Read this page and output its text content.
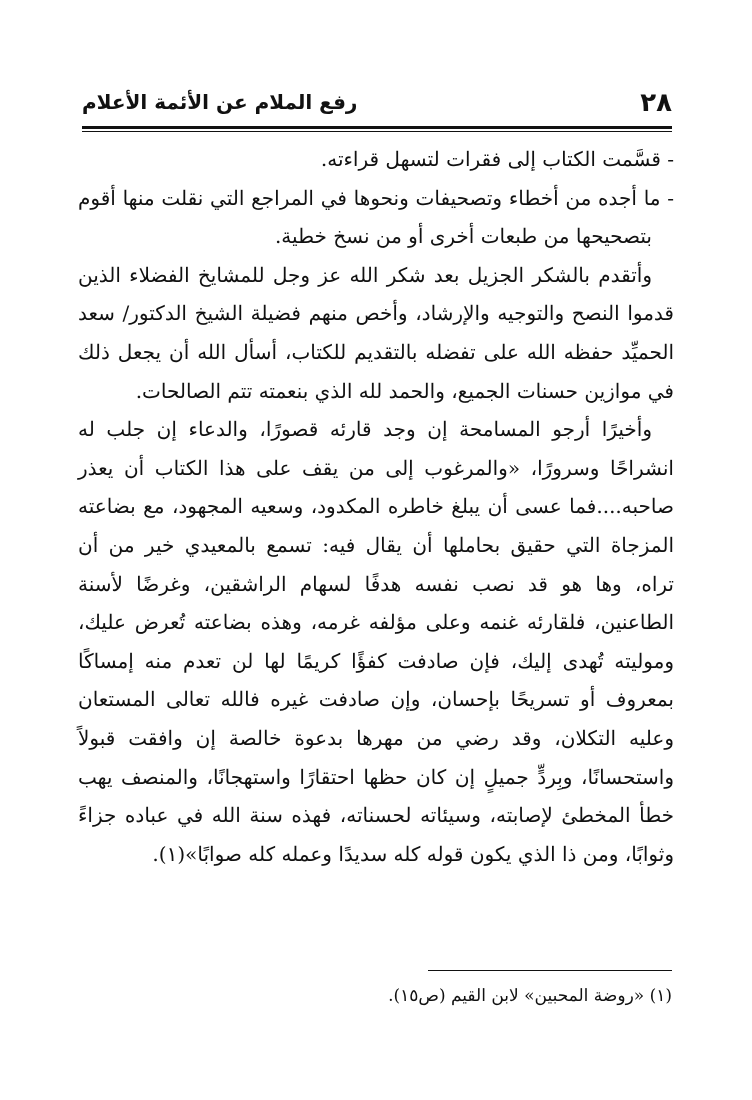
٢٨
رفع الملام عن الأئمة الأعلام

- قسَّمت الكتاب إلى فقرات لتسهل قراءته.

- ما أجده من أخطاء وتصحيفات ونحوها في المراجع التي نقلت منها أقوم بتصحيحها من طبعات أخرى أو من نسخ خطية.

وأتقدم بالشكر الجزيل بعد شكر الله عز وجل للمشايخ الفضلاء الذين قدموا النصح والتوجيه والإرشاد، وأخص منهم فضيلة الشيخ الدكتور/ سعد الحميِّد حفظه الله على تفضله بالتقديم للكتاب، أسأل الله أن يجعل ذلك في موازين حسنات الجميع، والحمد لله الذي بنعمته تتم الصالحات.

وأخيرًا أرجو المسامحة إن وجد قارئه قصورًا، والدعاء إن جلب له انشراحًا وسرورًا، «والمرغوب إلى من يقف على هذا الكتاب أن يعذر صاحبه....فما عسى أن يبلغ خاطره المكدود، وسعيه المجهود، مع بضاعته المزجاة التي حقيق بحاملها أن يقال فيه: تسمع بالمعيدي خير من أن تراه، وها هو قد نصب نفسه هدفًا لسهام الراشقين، وغرضًا لأسنة الطاعنين، فلقارئه غنمه وعلى مؤلفه غرمه، وهذه بضاعته تُعرض عليك، وموليته تُهدى إليك، فإن صادفت كفؤًا كريمًا لها لن تعدم منه إمساكًا بمعروف أو تسريحًا بإحسان، وإن صادفت غيره فالله تعالى المستعان وعليه التكلان، وقد رضي من مهرها بدعوة خالصة إن وافقت قبولاً واستحسانًا، وبِردٍّ جميلٍ إن كان حظها احتقارًا واستهجانًا، والمنصف يهب خطأ المخطئ لإصابته، وسيئاته لحسناته، فهذه سنة الله في عباده جزاءً وثوابًا، ومن ذا الذي يكون قوله كله سديدًا وعمله كله صوابًا»(١).

(١) «روضة المحبين» لابن القيم (ص١٥).
